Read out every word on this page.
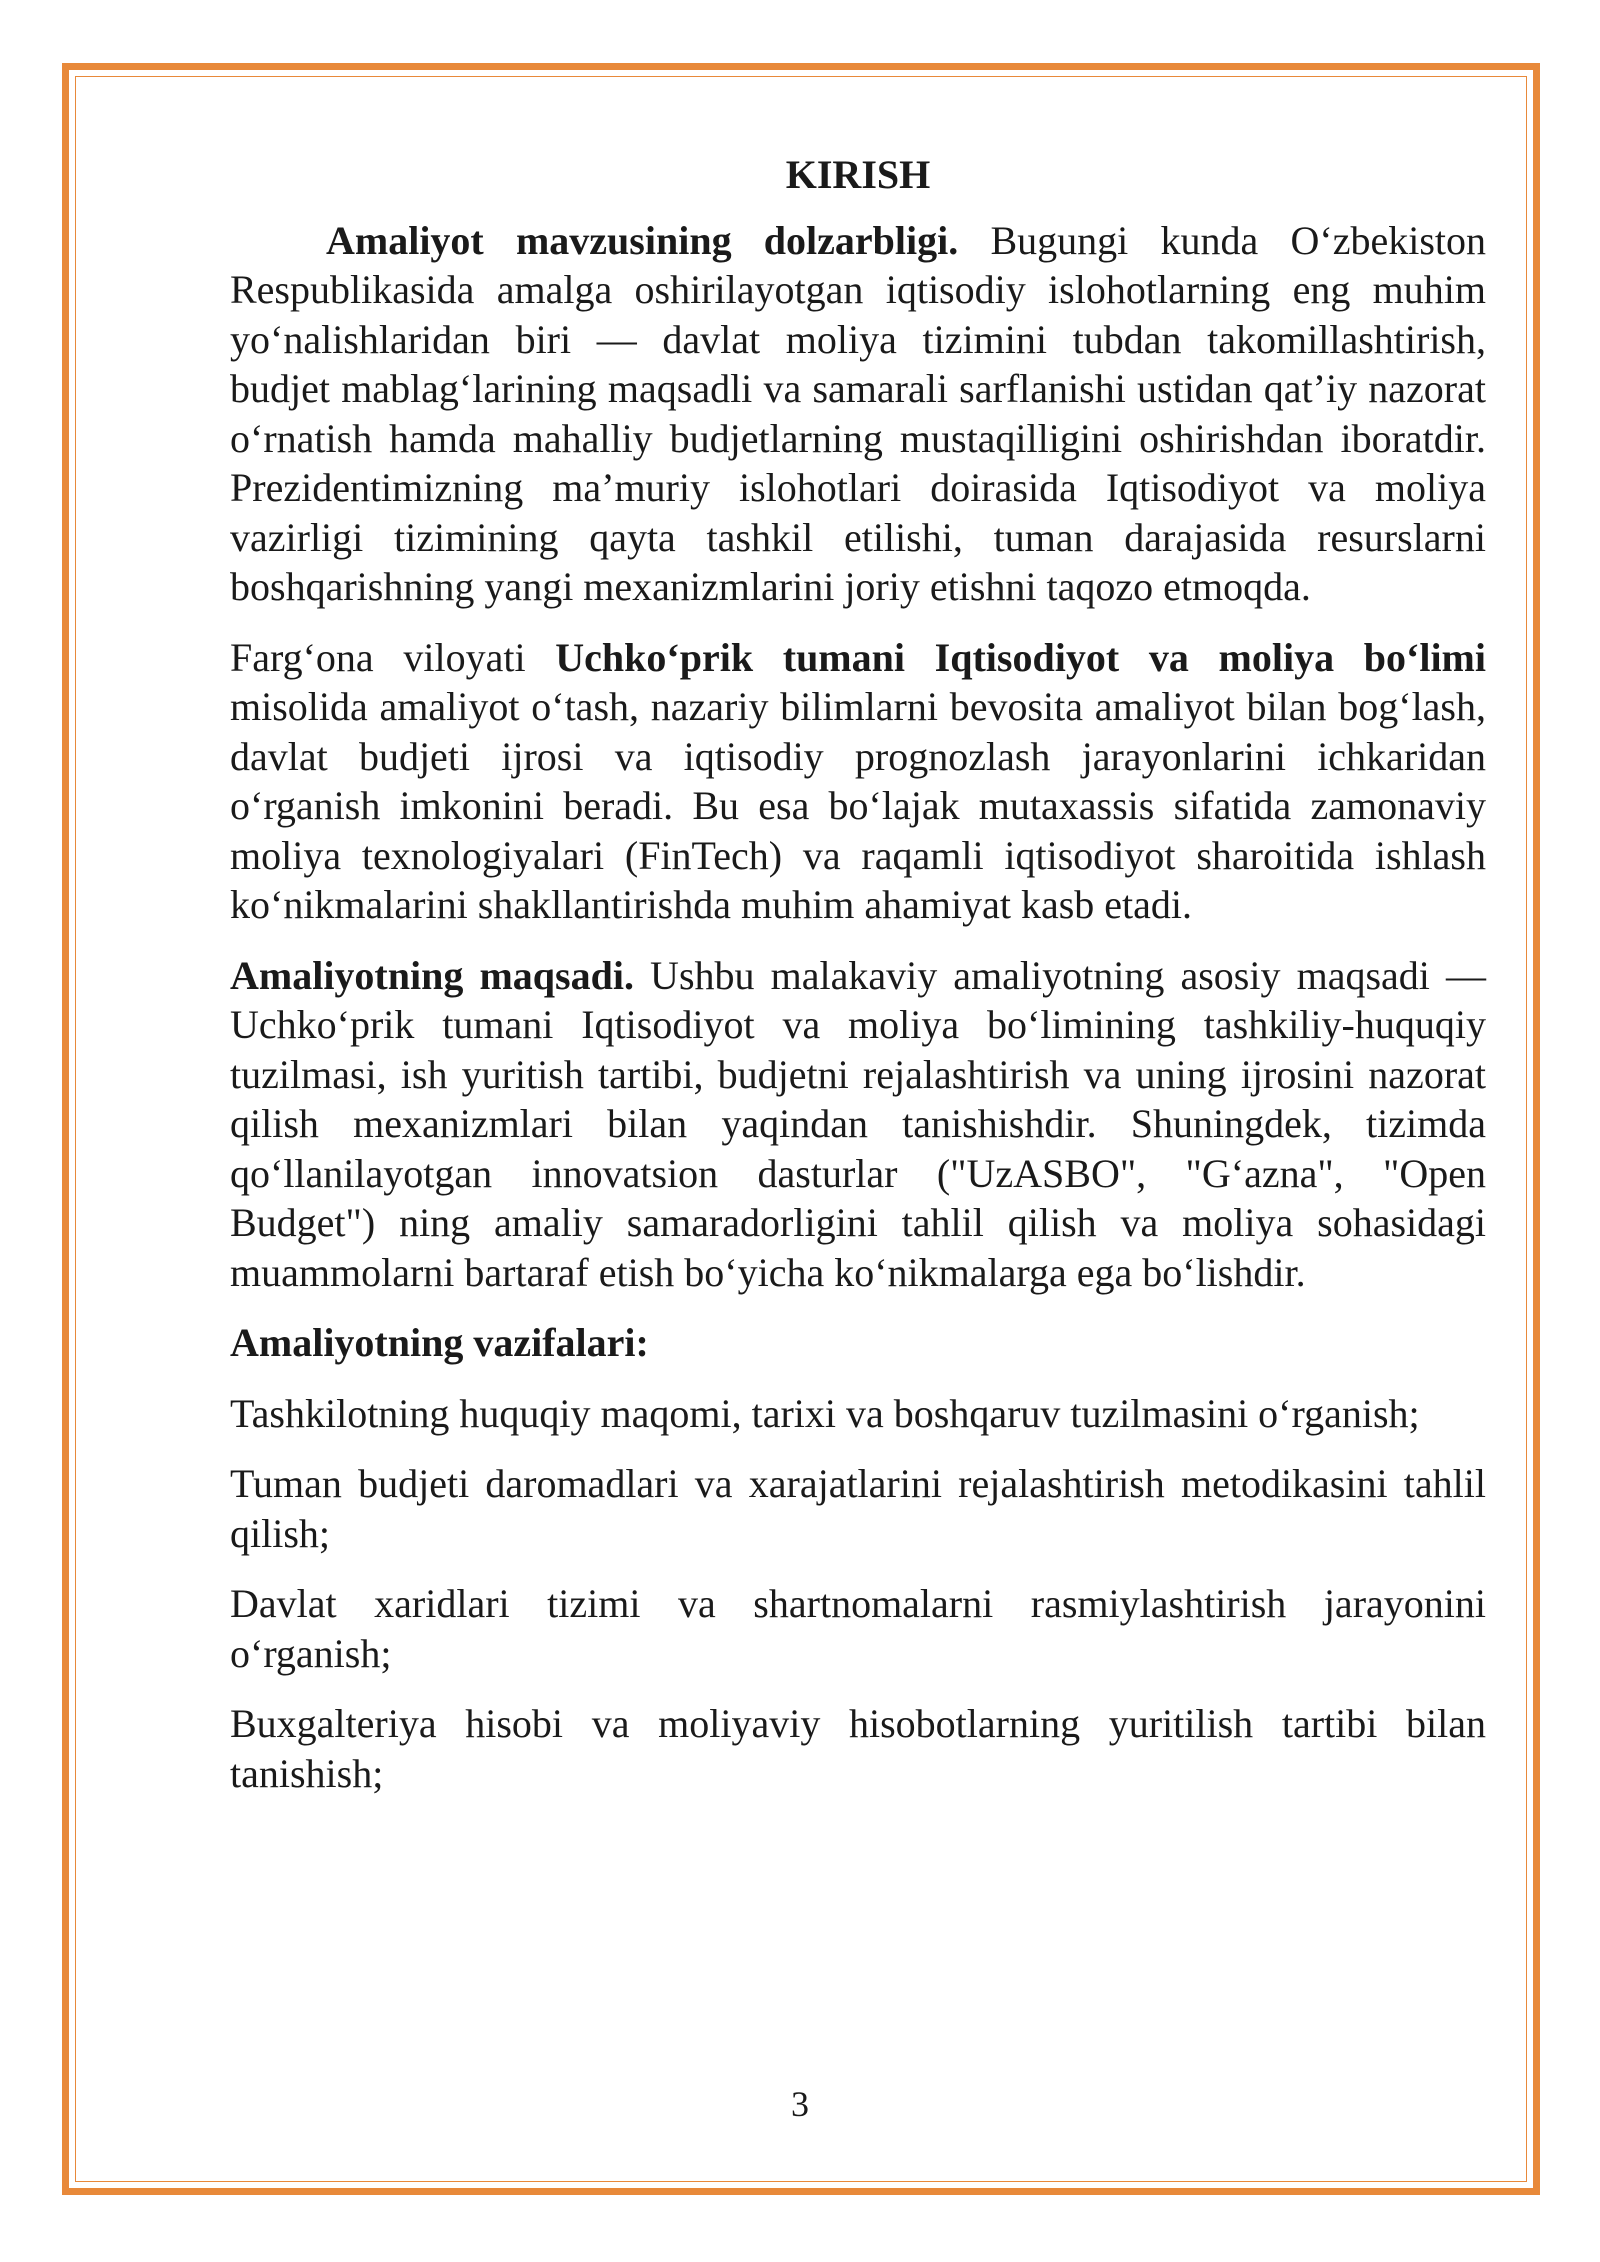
KIRISH

Amaliyot mavzusining dolzarbligi. Bugungi kunda O‘zbekiston Respublikasida amalga oshirilayotgan iqtisodiy islohotlarning eng muhim yo‘nalishlaridan biri — davlat moliya tizimini tubdan takomillashtirish, budjet mablag‘larining maqsadli va samarali sarflanishi ustidan qat’iy nazorat o‘rnatish hamda mahalliy budjetlarning mustaqilligini oshirishdan iboratdir. Prezidentimizning ma’muriy islohotlari doirasida Iqtisodiyot va moliya vazirligi tizimining qayta tashkil etilishi, tuman darajasida resurslarni boshqarishning yangi mexanizmlarini joriy etishni taqozo etmoqda.

Farg‘ona viloyati Uchko‘prik tumani Iqtisodiyot va moliya bo‘limi misolida amaliyot o‘tash, nazariy bilimlarni bevosita amaliyot bilan bog‘lash, davlat budjeti ijrosi va iqtisodiy prognozlash jarayonlarini ichkaridan o‘rganish imkonini beradi. Bu esa bo‘lajak mutaxassis sifatida zamonaviy moliya texnologiyalari (FinTech) va raqamli iqtisodiyot sharoitida ishlash ko‘nikmalarini shakllantirishda muhim ahamiyat kasb etadi.

Amaliyotning maqsadi. Ushbu malakaviy amaliyotning asosiy maqsadi — Uchko‘prik tumani Iqtisodiyot va moliya bo‘limining tashkiliy-huquqiy tuzilmasi, ish yuritish tartibi, budjetni rejalashtirish va uning ijrosini nazorat qilish mexanizmlari bilan yaqindan tanishishdir. Shuningdek, tizimda qo‘llanilayotgan innovatsion dasturlar ("UzASBO", "G‘azna", "Open Budget") ning amaliy samaradorligini tahlil qilish va moliya sohasidagi muammolarni bartaraf etish bo‘yicha ko‘nikmalarga ega bo‘lishdir.

Amaliyotning vazifalari:

Tashkilotning huquqiy maqomi, tarixi va boshqaruv tuzilmasini o‘rganish;

Tuman budjeti daromadlari va xarajatlarini rejalashtirish metodikasini tahlil qilish;

Davlat xaridlari tizimi va shartnomalarni rasmiylashtirish jarayonini o‘rganish;

Buxgalteriya hisobi va moliyaviy hisobotlarning yuritilish tartibi bilan tanishish;

3
